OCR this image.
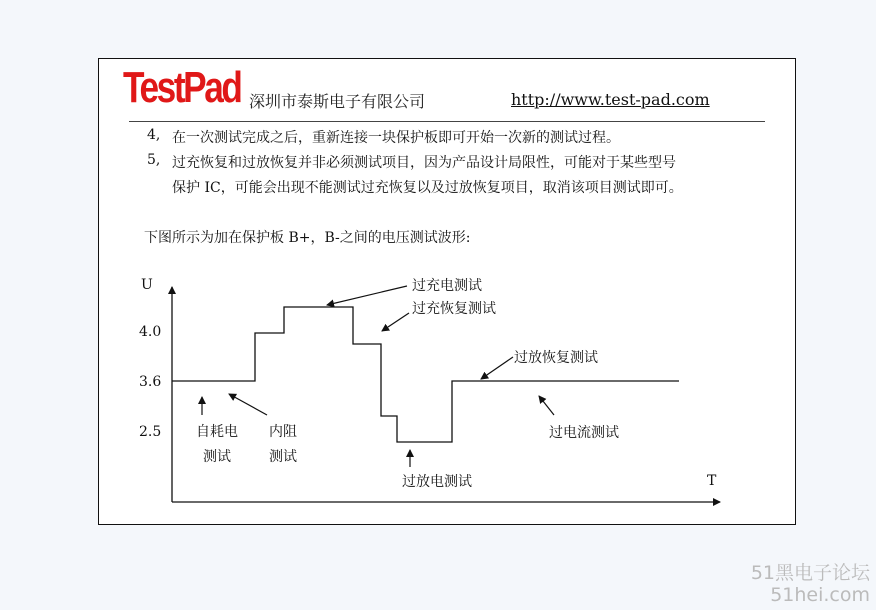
TestPad 深圳市泰斯电子有限公司	http://www.test-pad.com
4, 在一次测试完成之后，重新连接一块保护板即可开始一次新的测试过程。
5, 过充恢复和过放恢复并非必须测试项目，因为产品设计局限性，可能对于某些型号
保护 IC，可能会出现不能测试过充恢复以及过放恢复项目，取消该项目测试即可。
下图所示为加在保护板 B+，B-之间的电压测试波形:
U
T
4.0
3.6
2.5 自耗电
测试
内阻
测试
过充电测试
过充恢复测试
过放恢复测试
过电流测试
过放电测试
51黑电子论坛
51hei.com
